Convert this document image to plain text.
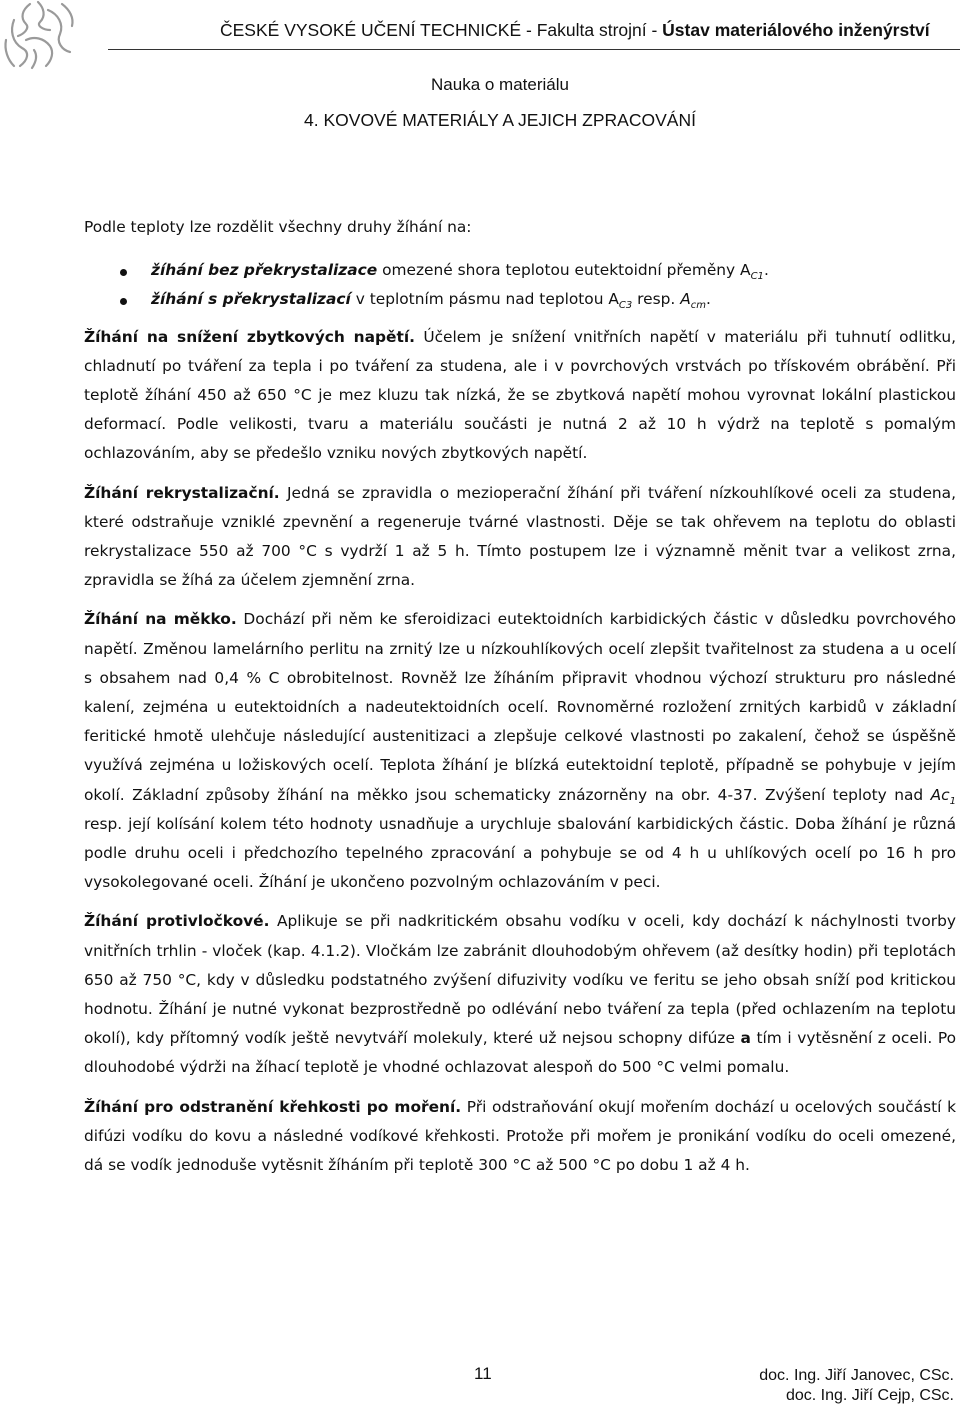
ČESKÉ VYSOKÉ UČENÍ TECHNICKÉ - Fakulta strojní - Ústav materiálového inženýrství
Nauka o materiálu
4. KOVOVÉ MATERIÁLY A JEJICH ZPRACOVÁNÍ

Podle teploty lze rozdělit všechny druhy žíhání na:

žíhání bez překrystalizace omezené shora teplotou eutektoidní přeměny $A_{C1}$.
žíhání s překrystalizací v teplotním pásmu nad teplotou $A_{C3}$ resp. $A_{cm}$.

Žíhání na snížení zbytkových napětí. Účelem je snížení vnitřních napětí v materiálu při tuhnutí odlitku, chladnutí po tváření za tepla i po tváření za studena, ale i v povrchových vrstvách po třískovém obrábění. Při teplotě žíhání 450 až 650 °C je mez kluzu tak nízká, že se zbytková napětí mohou vyrovnat lokální plastickou deformací. Podle velikosti, tvaru a materiálu součásti je nutná 2 až 10 h výdrž na teplotě s pomalým ochlazováním, aby se předešlo vzniku nových zbytkových napětí.

Žíhání rekrystalizační. Jedná se zpravidla o mezioperační žíhání při tváření nízkouhlíkové oceli za studena, které odstraňuje vzniklé zpevnění a regeneruje tvárné vlastnosti. Děje se tak ohřevem na teplotu do oblasti rekrystalizace 550 až 700 °C s vydrží 1 až 5 h. Tímto postupem lze i významně měnit tvar a velikost zrna, zpravidla se žíhá za účelem zjemnění zrna.

Žíhání na měkko. Dochází při něm ke sferoidizaci eutektoidních karbidických částic v důsledku povrchového napětí. Změnou lamelárního perlitu na zrnitý lze u nízkouhlíkových ocelí zlepšit tvařitelnost za studena a u ocelí s obsahem nad 0,4 % C obrobitelnost. Rovněž lze žíháním připravit vhodnou výchozí strukturu pro následné kalení, zejména u eutektoidních a nadeutektoidních ocelí. Rovnoměrné rozložení zrnitých karbidů v základní feritické hmotě ulehčuje následující austenitizaci a zlepšuje celkové vlastnosti po zakalení, čehož se úspěšně využívá zejména u ložiskových ocelí. Teplota žíhání je blízká eutektoidní teplotě, případně se pohybuje v jejím okolí. Základní způsoby žíhání na měkko jsou schematicky znázorněny na obr. 4-37. Zvýšení teploty nad $Ac_1$ resp. její kolísání kolem této hodnoty usnadňuje a urychluje sbalování karbidických částic. Doba žíhání je různá podle druhu oceli i předchozího tepelného zpracování a pohybuje se od 4 h u uhlíkových ocelí po 16 h pro vysokolegované oceli. Žíhání je ukončeno pozvolným ochlazováním v peci.

Žíhání protivločkové. Aplikuje se při nadkritickém obsahu vodíku v oceli, kdy dochází k náchylnosti tvorby vnitřních trhlin - vloček (kap. 4.1.2). Vločkám lze zabránit dlouhodobým ohřevem (až desítky hodin) při teplotách 650 až 750 °C, kdy v důsledku podstatného zvýšení difuzivity vodíku ve feritu se jeho obsah sníží pod kritickou hodnotu. Žíhání je nutné vykonat bezprostředně po odlévání nebo tváření za tepla (před ochlazením na teplotu okolí), kdy přítomný vodík ještě nevytváří molekuly, které už nejsou schopny difúze a tím i vytěsnění z oceli. Po dlouhodobé výdrži na žíhací teplotě je vhodné ochlazovat alespoň do 500 °C velmi pomalu.

Žíhání pro odstranění křehkosti po moření. Při odstraňování okují mořením dochází u ocelových součástí k difúzi vodíku do kovu a následné vodíkové křehkosti. Protože při mořem je pronikání vodíku do oceli omezené, dá se vodík jednoduše vytěsnit žíháním při teplotě 300 °C až 500 °C po dobu 1 až 4 h.

11	doc. Ing. Jiří Janovec, CSc.
doc. Ing. Jiří Cejp, CSc.
